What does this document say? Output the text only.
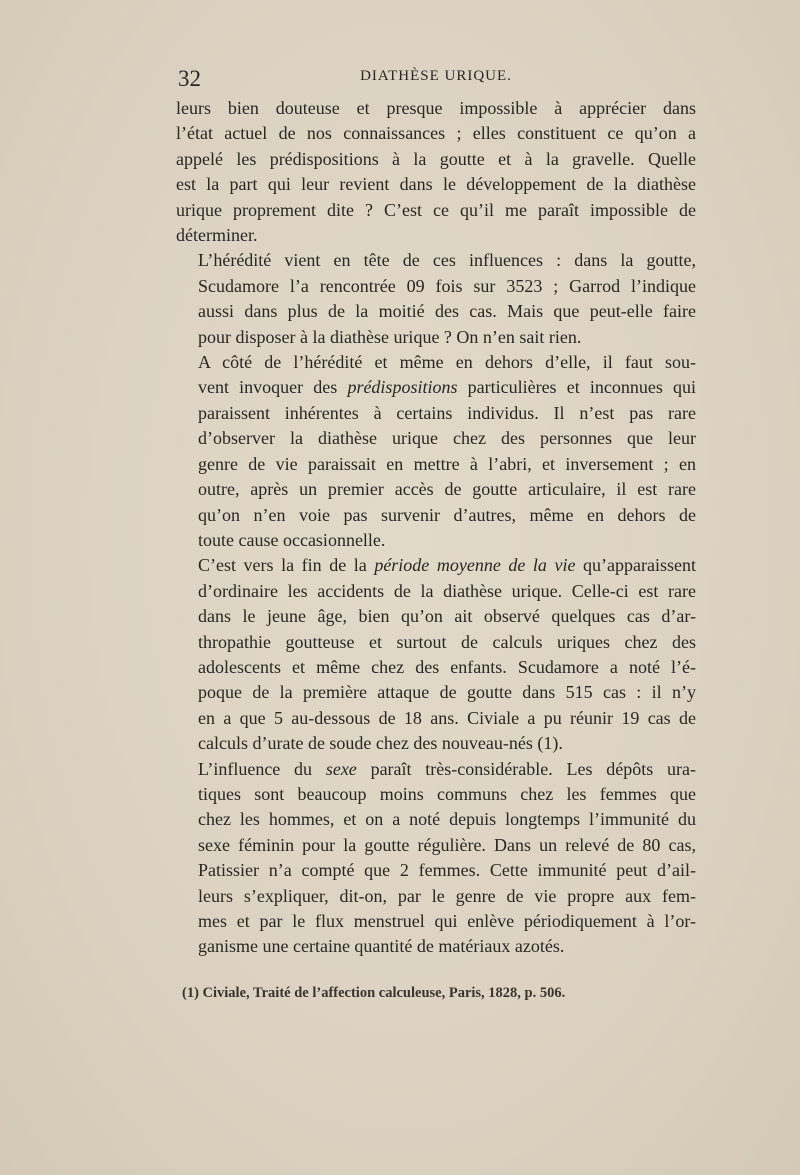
32	DIATHÈSE URIQUE.

leurs bien douteuse et presque impossible à apprécier dans
l’état actuel de nos connaissances ; elles constituent ce qu’on a
appelé les prédispositions à la goutte et à la gravelle. Quelle
est la part qui leur revient dans le développement de la diathèse
urique proprement dite ? C’est ce qu’il me paraît impossible de
déterminer.

L’hérédité vient en tête de ces influences : dans la goutte,
Scudamore l’a rencontrée 09 fois sur 3523 ; Garrod l’indique
aussi dans plus de la moitié des cas. Mais que peut-elle faire
pour disposer à la diathèse urique ? On n’en sait rien.

A côté de l’hérédité et même en dehors d’elle, il faut sou-
vent invoquer des prédispositions particulières et inconnues qui
paraissent inhérentes à certains individus. Il n’est pas rare
d’observer la diathèse urique chez des personnes que leur
genre de vie paraissait en mettre à l’abri, et inversement ; en
outre, après un premier accès de goutte articulaire, il est rare
qu’on n’en voie pas survenir d’autres, même en dehors de
toute cause occasionnelle.

C’est vers la fin de la période moyenne de la vie qu’apparaissent
d’ordinaire les accidents de la diathèse urique. Celle-ci est rare
dans le jeune âge, bien qu’on ait observé quelques cas d’ar-
thropathie goutteuse et surtout de calculs uriques chez des
adolescents et même chez des enfants. Scudamore a noté l’é-
poque de la première attaque de goutte dans 515 cas : il n’y
en a que 5 au-dessous de 18 ans. Civiale a pu réunir 19 cas de
calculs d’urate de soude chez des nouveau-nés (1).

L’influence du sexe paraît très-considérable. Les dépôts ura-
tiques sont beaucoup moins communs chez les femmes que
chez les hommes, et on a noté depuis longtemps l’immunité du
sexe féminin pour la goutte régulière. Dans un relevé de 80 cas,
Patissier n’a compté que 2 femmes. Cette immunité peut d’ail-
leurs s’expliquer, dit-on, par le genre de vie propre aux fem-
mes et par le flux menstruel qui enlève périodiquement à l’or-
ganisme une certaine quantité de matériaux azotés.

(1) Civiale, Traité de l’affection calculeuse, Paris, 1828, p. 506.
